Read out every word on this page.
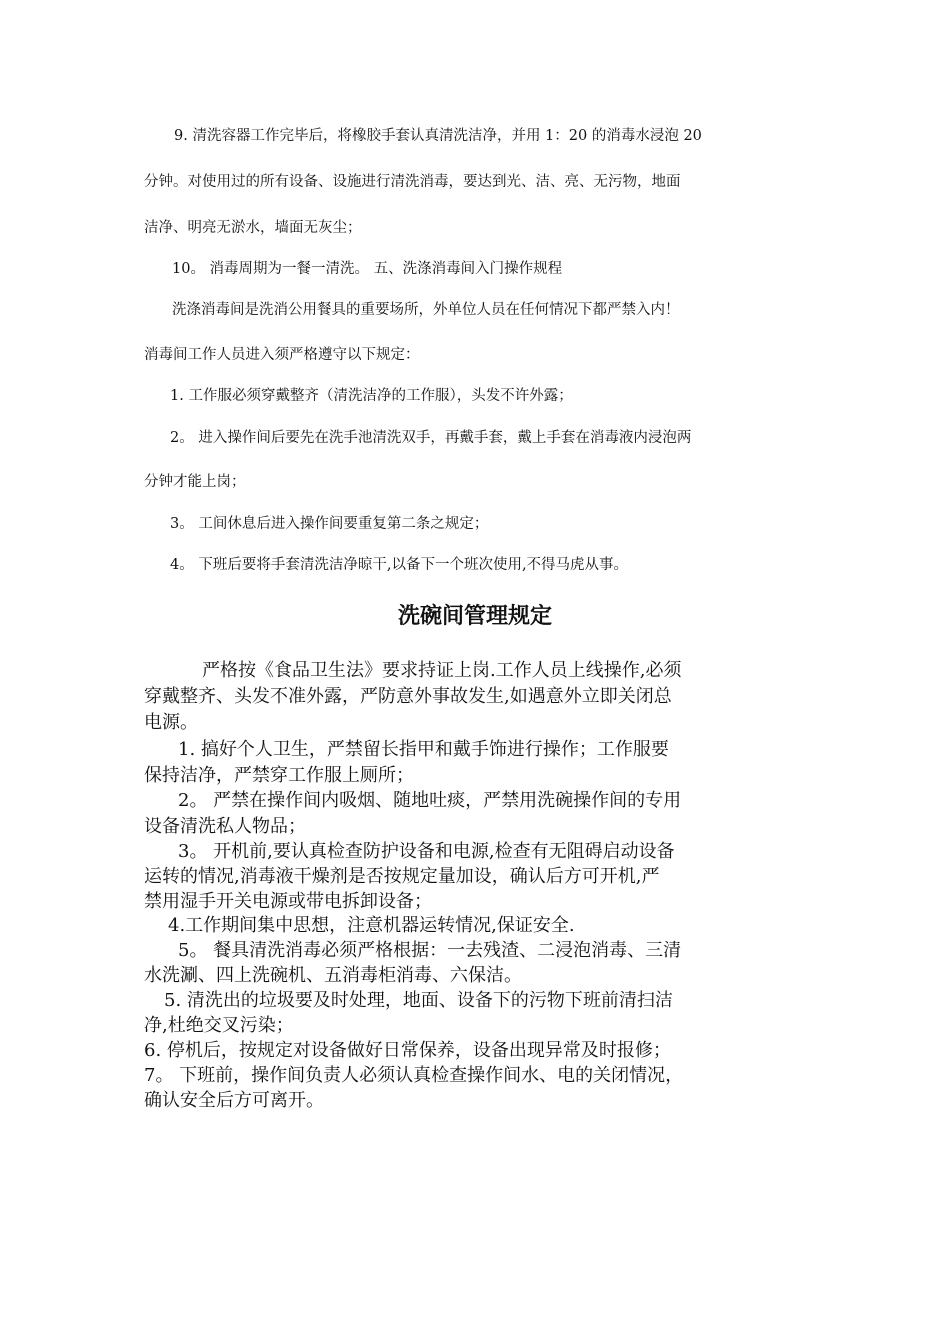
9. 清洗容器工作完毕后，将橡胶手套认真清洗洁净，并用 1：20 的消毒水浸泡 20

分钟。对使用过的所有设备、设施进行清洗消毒，要达到光、洁、亮、无污物，地面

洁净、明亮无淤水，墙面无灰尘；

10。 消毒周期为一餐一清洗。 五、洗涤消毒间入门操作规程

洗涤消毒间是洗消公用餐具的重要场所，外单位人员在任何情况下都严禁入内！

消毒间工作人员进入须严格遵守以下规定：

1. 工作服必须穿戴整齐（清洗洁净的工作服），头发不许外露；

2。 进入操作间后要先在洗手池清洗双手，再戴手套，戴上手套在消毒液内浸泡两

分钟才能上岗；

3。 工间休息后进入操作间要重复第二条之规定；

4。 下班后要将手套清洗洁净晾干,以备下一个班次使用,不得马虎从事。

洗碗间管理规定

严格按《食品卫生法》要求持证上岗.工作人员上线操作,必须

穿戴整齐、头发不准外露，严防意外事故发生,如遇意外立即关闭总

电源。

1. 搞好个人卫生，严禁留长指甲和戴手饰进行操作；工作服要

保持洁净，严禁穿工作服上厕所；

2。 严禁在操作间内吸烟、随地吐痰，严禁用洗碗操作间的专用

设备清洗私人物品；

3。 开机前,要认真检查防护设备和电源,检查有无阻碍启动设备

运转的情况,消毒液干燥剂是否按规定量加设，确认后方可开机,严

禁用湿手开关电源或带电拆卸设备；

4.工作期间集中思想，注意机器运转情况,保证安全.

5。 餐具清洗消毒必须严格根据：一去残渣、二浸泡消毒、三清

水洗涮、四上洗碗机、五消毒柜消毒、六保洁。

5. 清洗出的垃圾要及时处理，地面、设备下的污物下班前清扫洁

净,杜绝交叉污染；

6. 停机后，按规定对设备做好日常保养，设备出现异常及时报修；

7。 下班前，操作间负责人必须认真检查操作间水、电的关闭情况，

确认安全后方可离开。
